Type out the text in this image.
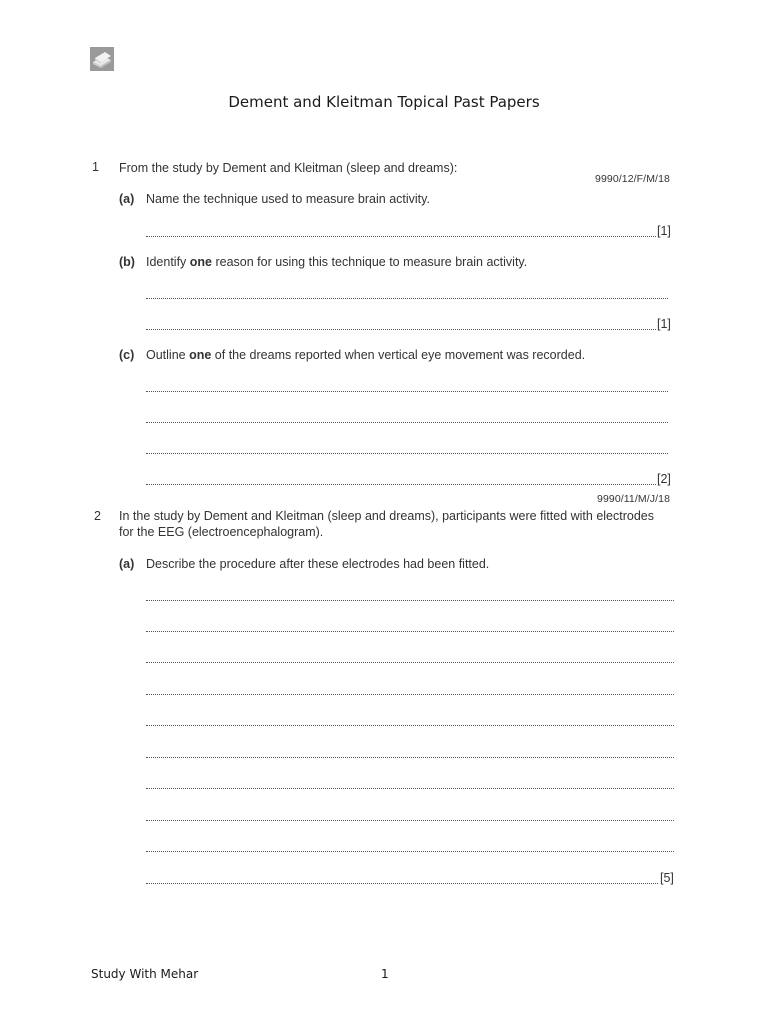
Dement and Kleitman Topical Past Papers
1 From the study by Dement and Kleitman (sleep and dreams):
9990/12/F/M/18
(a) Name the technique used to measure brain activity.
[1]
(b) Identify one reason for using this technique to measure brain activity.
[1]
(c) Outline one of the dreams reported when vertical eye movement was recorded.
[2]
9990/11/M/J/18
2 In the study by Dement and Kleitman (sleep and dreams), participants were fitted with electrodes
for the EEG (electroencephalogram).
(a) Describe the procedure after these electrodes had been fitted.
[5]
Study With Mehar	1
